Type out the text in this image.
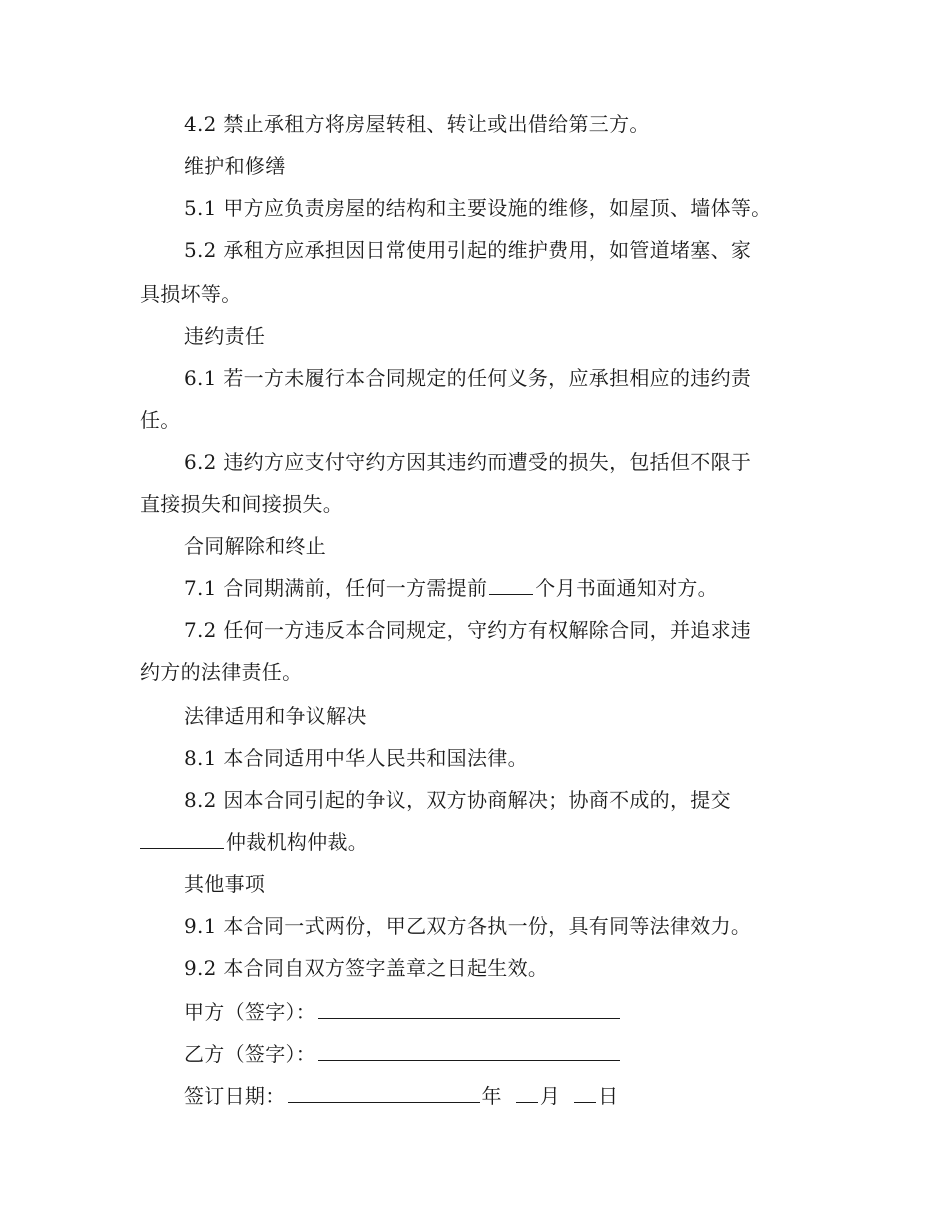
4.2 禁止承租方将房屋转租、转让或出借给第三方。
维护和修缮
5.1 甲方应负责房屋的结构和主要设施的维修，如屋顶、墙体等。
5.2 承租方应承担因日常使用引起的维护费用，如管道堵塞、家
具损坏等。
违约责任
6.1 若一方未履行本合同规定的任何义务，应承担相应的违约责
任。
6.2 违约方应支付守约方因其违约而遭受的损失，包括但不限于
直接损失和间接损失。
合同解除和终止
7.1 合同期满前，任何一方需提前 个月书面通知对方。
7.2 任何一方违反本合同规定，守约方有权解除合同，并追求违
约方的法律责任。
法律适用和争议解决
8.1 本合同适用中华人民共和国法律。
8.2 因本合同引起的争议，双方协商解决；协商不成的，提交
仲裁机构仲裁。
其他事项
9.1 本合同一式两份，甲乙双方各执一份，具有同等法律效力。
9.2 本合同自双方签字盖章之日起生效。
甲方（签字）：
乙方（签字）：
签订日期：	年 月 日
